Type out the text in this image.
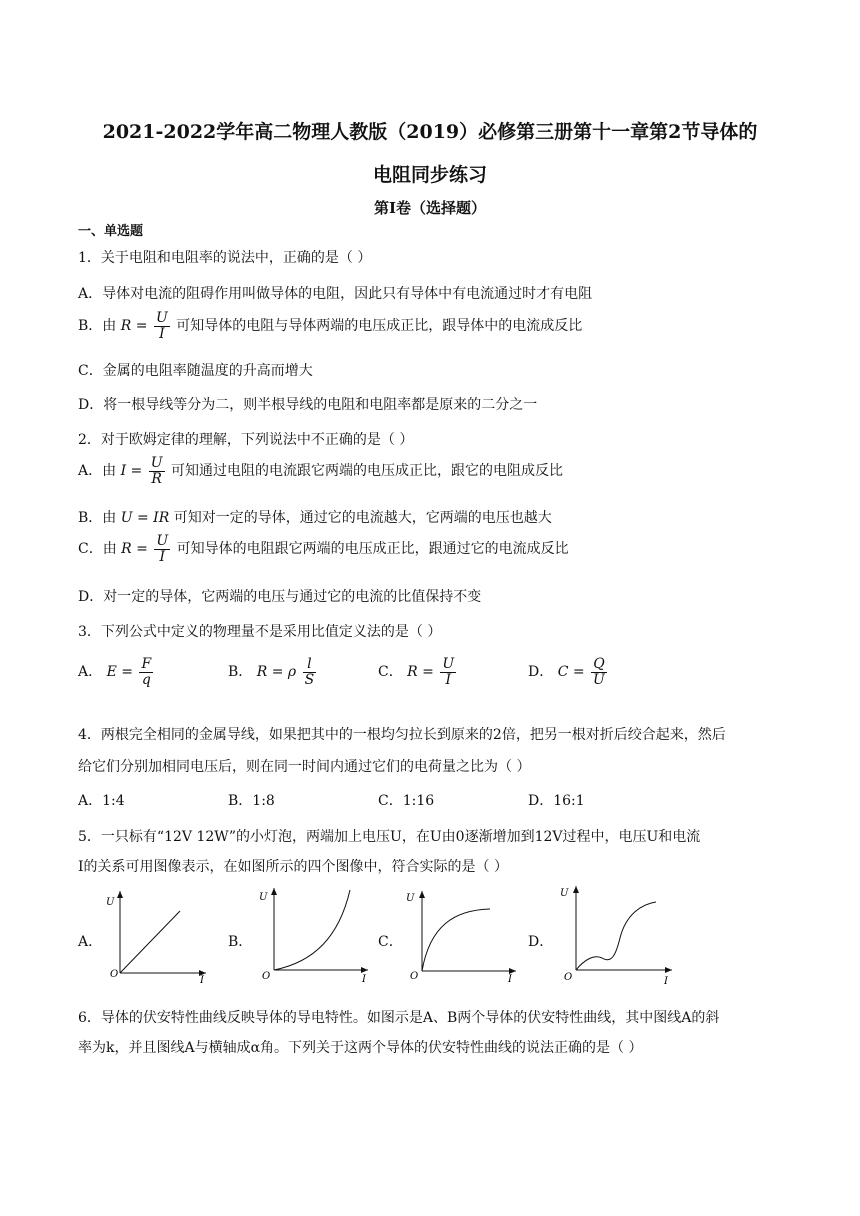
2021-2022学年高二物理人教版（2019）必修第三册第十一章第2节导体的
电阻同步练习
第I卷（选择题）
一、单选题
1．关于电阻和电阻率的说法中，正确的是（ ）
A．导体对电流的阻碍作用叫做导体的电阻，因此只有导体中有电流通过时才有电阻
B．由 $R = \frac{U}{I}$ 可知导体的电阻与导体两端的电压成正比，跟导体中的电流成反比
C．金属的电阻率随温度的升高而增大
D．将一根导线等分为二，则半根导线的电阻和电阻率都是原来的二分之一
2．对于欧姆定律的理解，下列说法中不正确的是（ ）
A．由 $I = \frac{U}{R}$ 可知通过电阻的电流跟它两端的电压成正比，跟它的电阻成反比
B．由 U = IR 可知对一定的导体，通过它的电流越大，它两端的电压也越大
C．由 $R = \frac{U}{I}$ 可知导体的电阻跟它两端的电压成正比，跟通过它的电流成反比
D．对一定的导体，它两端的电压与通过它的电流的比值保持不变
3．下列公式中定义的物理量不是采用比值定义法的是（ ）
A． $E = \frac{F}{q}$	B． R = ρ $\frac{l}{S}$	C． $R = \frac{U}{I}$	D． $C = \frac{Q}{U}$
4．两根完全相同的金属导线，如果把其中的一根均匀拉长到原来的2倍，把另一根对折后绞合起来，然后
给它们分别加相同电压后，则在同一时间内通过它们的电荷量之比为（ ）
A．1:4	B．1:8	C．1:16	D．16:1
5．一只标有“12V 12W”的小灯泡，两端加上电压U，在U由0逐渐增加到12V过程中，电压U和电流
I的关系可用图像表示，在如图所示的四个图像中，符合实际的是（ ）
A．
U
O
I
B．
U
O	I
C．
U
O	I
D．
U
O	I
6．导体的伏安特性曲线反映导体的导电特性。如图示是A、B两个导体的伏安特性曲线，其中图线A的斜
率为k，并且图线A与横轴成α角。下列关于这两个导体的伏安特性曲线的说法正确的是（ ）
